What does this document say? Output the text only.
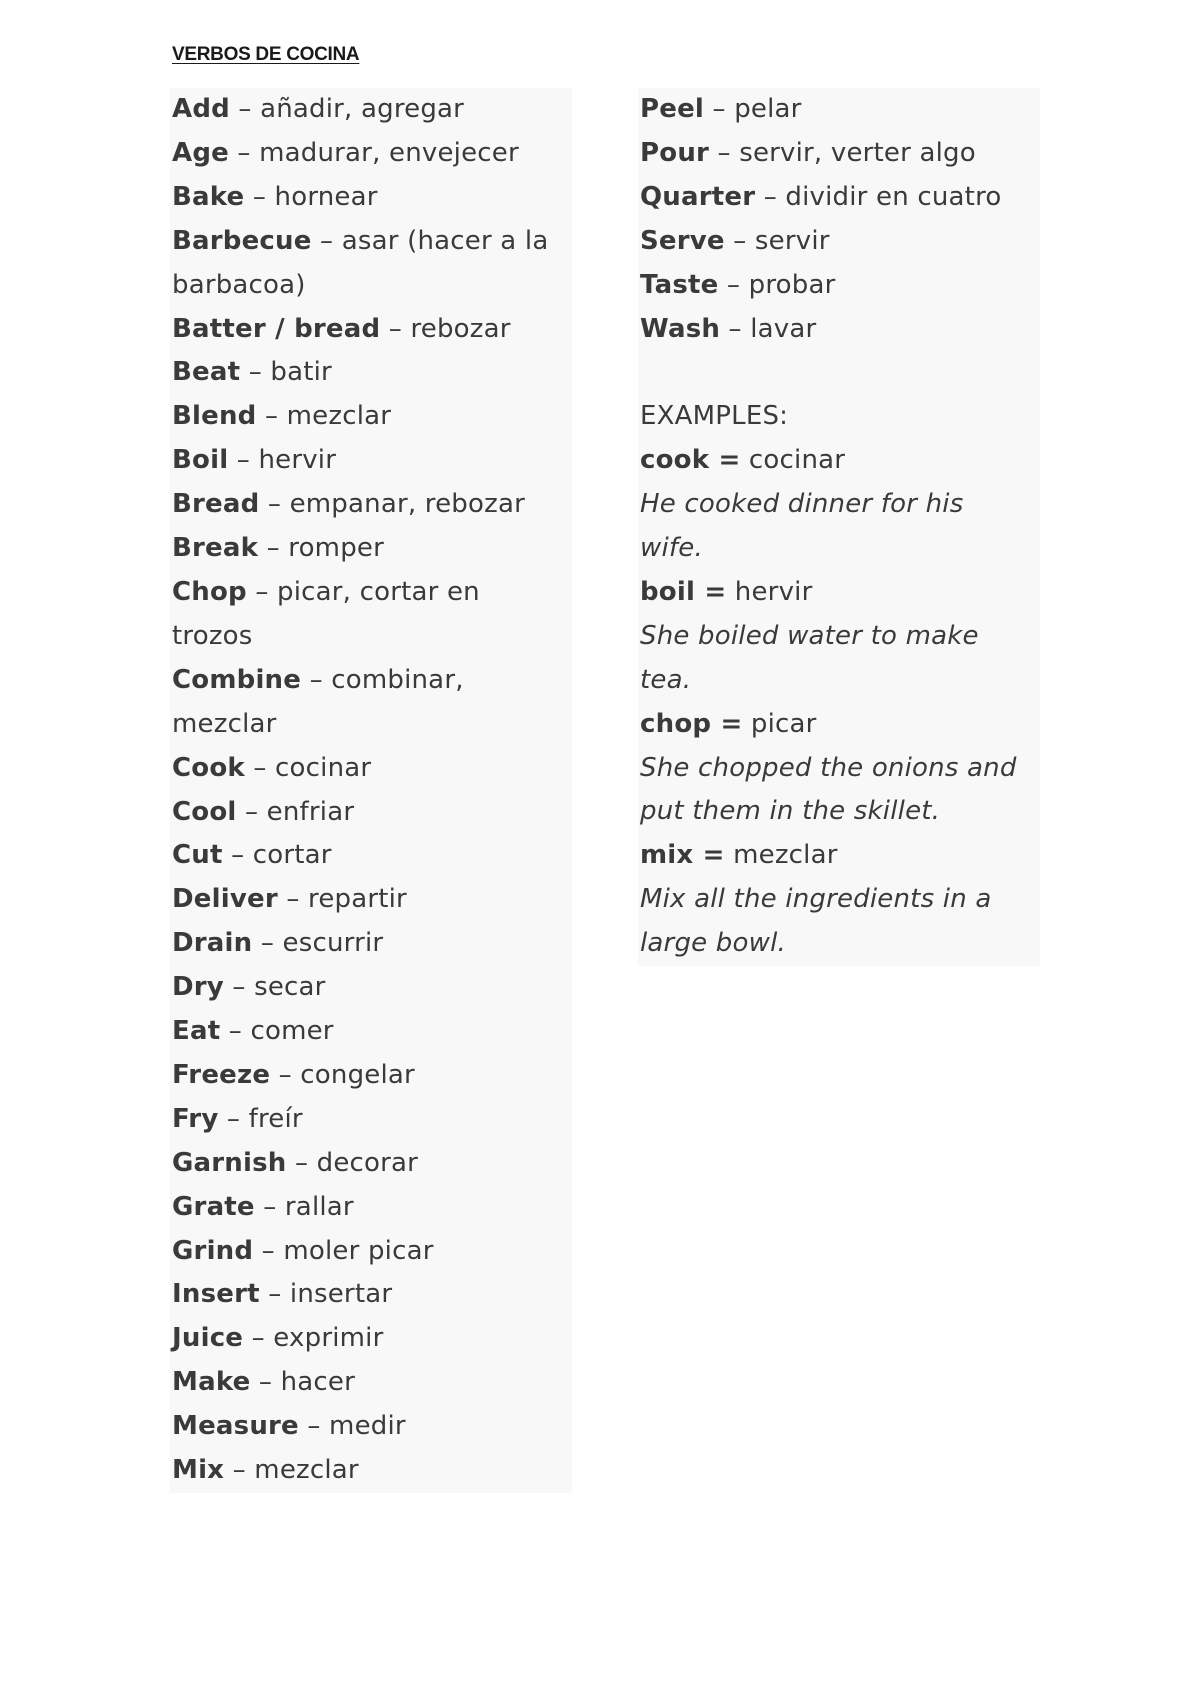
VERBOS DE COCINA

Add – añadir, agregar

Age – madurar, envejecer

Bake – hornear

Barbecue – asar (hacer a la

barbacoa)

Batter / bread – rebozar

Beat – batir

Blend – mezclar

Boil – hervir

Bread – empanar, rebozar

Break – romper

Chop – picar, cortar en

trozos

Combine – combinar,

mezclar

Cook – cocinar

Cool – enfriar

Cut – cortar

Deliver – repartir

Drain – escurrir

Dry – secar

Eat – comer

Freeze – congelar

Fry – freír

Garnish – decorar

Grate – rallar

Grind – moler picar

Insert – insertar

Juice – exprimir

Make – hacer

Measure – medir

Mix – mezclar

Peel – pelar

Pour – servir, verter algo

Quarter – dividir en cuatro

Serve – servir

Taste – probar

Wash – lavar

EXAMPLES:

cook = cocinar

He cooked dinner for his

wife.

boil = hervir

She boiled water to make

tea.

chop = picar

She chopped the onions and

put them in the skillet.

mix = mezclar

Mix all the ingredients in a

large bowl.
